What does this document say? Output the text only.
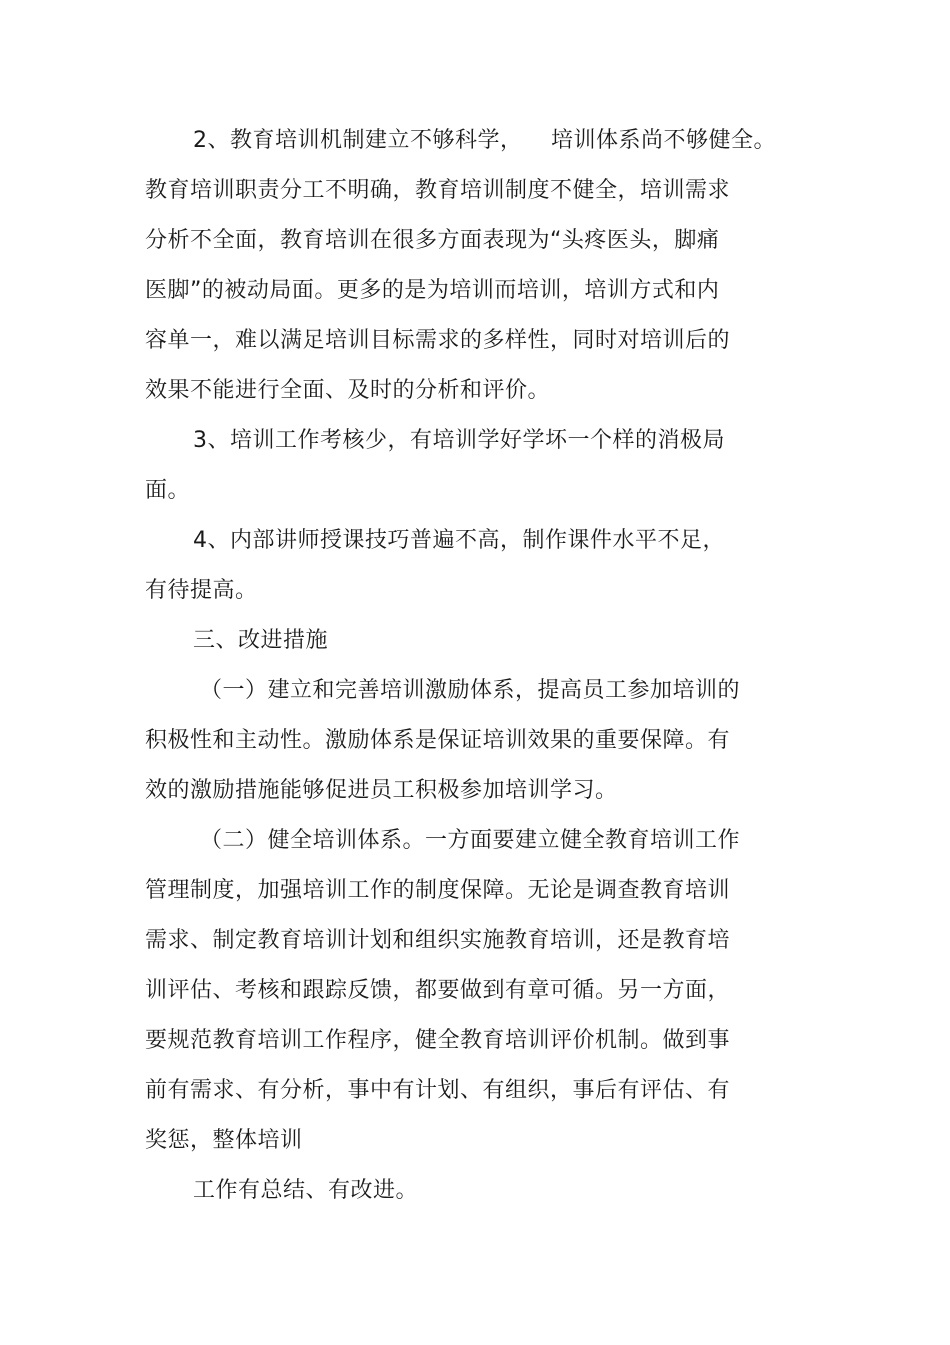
2、教育培训机制建立不够科学， 培训体系尚不够健全。
教育培训职责分工不明确，教育培训制度不健全，培训需求
分析不全面，教育培训在很多方面表现为“头疼医头，脚痛
医脚”的被动局面。更多的是为培训而培训，培训方式和内
容单一，难以满足培训目标需求的多样性，同时对培训后的
效果不能进行全面、及时的分析和评价。
3、培训工作考核少，有培训学好学坏一个样的消极局
面。
4、内部讲师授课技巧普遍不高，制作课件水平不足，
有待提高。
三、改进措施
（一）建立和完善培训激励体系，提高员工参加培训的
积极性和主动性。激励体系是保证培训效果的重要保障。有
效的激励措施能够促进员工积极参加培训学习。
（二）健全培训体系。一方面要建立健全教育培训工作
管理制度，加强培训工作的制度保障。无论是调查教育培训
需求、制定教育培训计划和组织实施教育培训，还是教育培
训评估、考核和跟踪反馈，都要做到有章可循。另一方面，
要规范教育培训工作程序，健全教育培训评价机制。做到事
前有需求、有分析，事中有计划、有组织，事后有评估、有
奖惩，整体培训
工作有总结、有改进。
